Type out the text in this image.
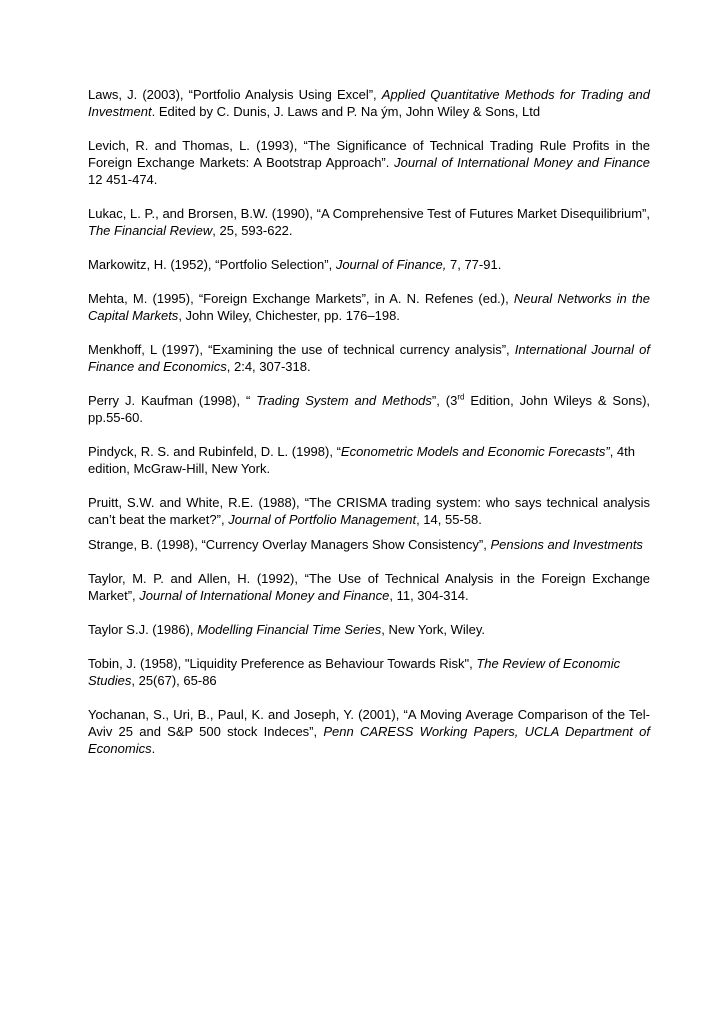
Laws, J. (2003), “Portfolio Analysis Using Excel”, Applied Quantitative Methods for Trading and Investment. Edited by C. Dunis, J. Laws and P. Na ým, John Wiley & Sons, Ltd

Levich, R. and Thomas, L. (1993), “The Significance of Technical Trading Rule Profits in the Foreign Exchange Markets: A Bootstrap Approach”. Journal of International Money and Finance 12 451-474.

Lukac, L. P., and Brorsen, B.W. (1990), “A Comprehensive Test of Futures Market Disequilibrium”, The Financial Review, 25, 593-622.

Markowitz, H. (1952), “Portfolio Selection”, Journal of Finance, 7, 77-91.

Mehta, M. (1995), “Foreign Exchange Markets”, in A. N. Refenes (ed.), Neural Networks in the Capital Markets, John Wiley, Chichester, pp. 176–198.

Menkhoff, L (1997), “Examining the use of technical currency analysis”, International Journal of Finance and Economics, 2:4, 307-318.

Perry J. Kaufman (1998), “ Trading System and Methods”, (3rd Edition, John Wileys & Sons), pp.55-60.

Pindyck, R. S. and Rubinfeld, D. L. (1998), “Econometric Models and Economic Forecasts”, 4th edition, McGraw-Hill, New York.

Pruitt, S.W. and White, R.E. (1988), “The CRISMA trading system: who says technical analysis can’t beat the market?”, Journal of Portfolio Management, 14, 55-58.

Strange, B. (1998), “Currency Overlay Managers Show Consistency”, Pensions and Investments

Taylor, M. P. and Allen, H. (1992), “The Use of Technical Analysis in the Foreign Exchange Market”, Journal of International Money and Finance, 11, 304-314.

Taylor S.J. (1986), Modelling Financial Time Series, New York, Wiley.

Tobin, J. (1958), "Liquidity Preference as Behaviour Towards Risk", The Review of Economic Studies, 25(67), 65-86

Yochanan, S., Uri, B., Paul, K. and Joseph, Y. (2001), “A Moving Average Comparison of the Tel-Aviv 25 and S&P 500 stock Indeces”, Penn CARESS Working Papers, UCLA Department of Economics.
